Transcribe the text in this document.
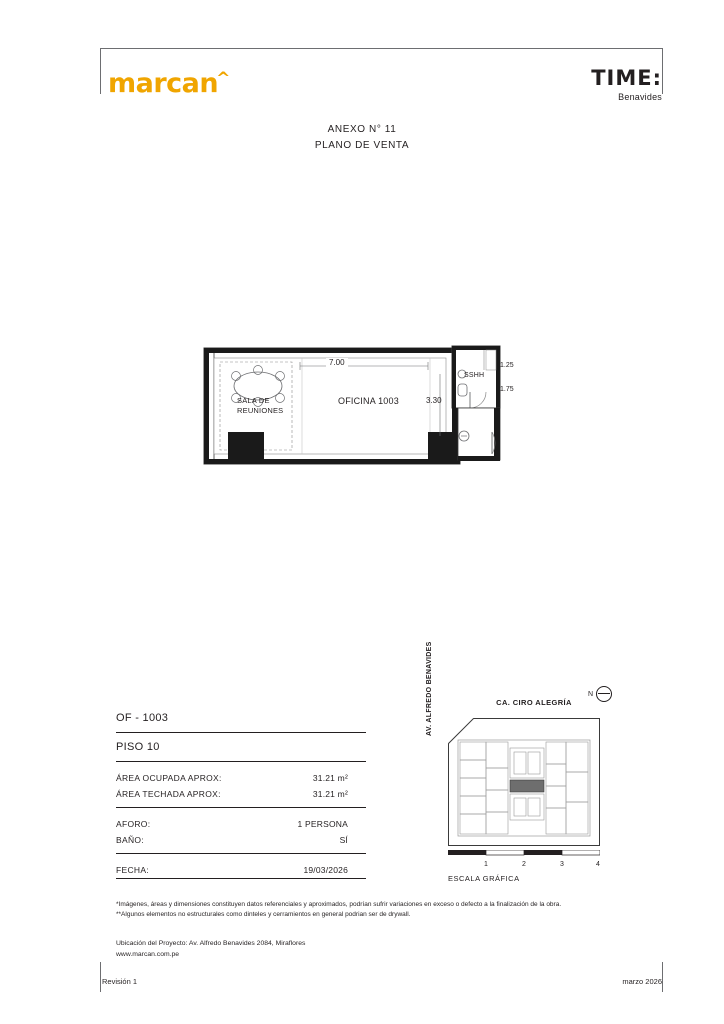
marcan^	TIME:
Benavides
ANEXO N° 11
PLANO DE VENTA
7.00
SALA DE
REUNIONES
OFICINA 1003	3.30
SSHH
1.25
1.75
OF - 1003
PISO 10
ÁREA OCUPADA APROX:	31.21 m²
ÁREA TECHADA APROX:	31.21 m²
AFORO:	1 PERSONA
BAÑO:	SÍ
FECHA:	19/03/2026
CA. CIRO ALEGRÍA
AV. ALFREDO BENAVIDES	N
1	2	3	4
ESCALA GRÁFICA
*Imágenes, áreas y dimensiones constituyen datos referenciales y aproximados, podrían sufrir variaciones en exceso o defecto a la finalización de la obra.
**Algunos elementos no estructurales como dinteles y cerramientos en general podrian ser de drywall.
Ubicación del Proyecto: Av. Alfredo Benavides 2084, Miraflores
www.marcan.com.pe
Revisión 1	marzo 2026
